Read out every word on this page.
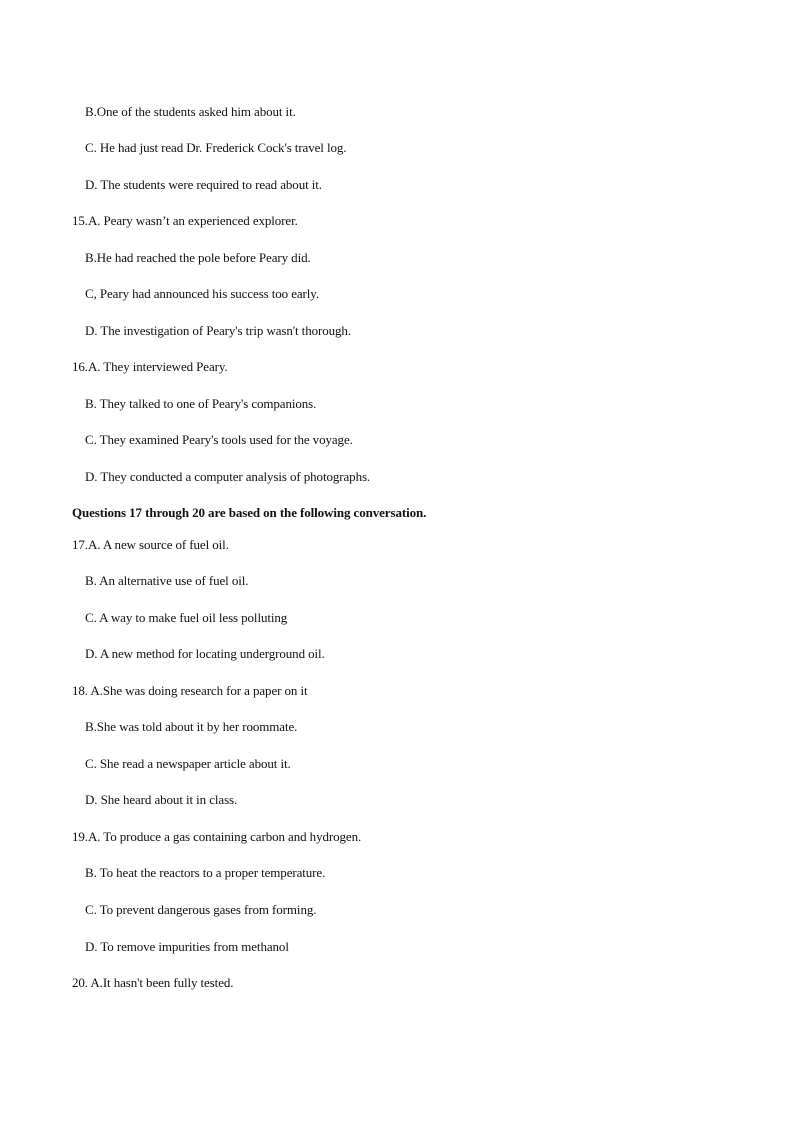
B.One of the students asked him about it.
C. He had just read Dr. Frederick Cock's travel log.
D. The students were required to read about it.
15.A. Peary wasn’t an experienced explorer.
B.He had reached the pole before Peary did.
C, Peary had announced his success too early.
D. The investigation of Peary's trip wasn't thorough.
16.A. They interviewed Peary.
B. They talked to one of Peary's companions.
C. They examined Peary's tools used for the voyage.
D. They conducted a computer analysis of photographs.
Questions 17 through 20 are based on the following conversation.
17.A. A new source of fuel oil.
B. An alternative use of fuel oil.
C. A way to make fuel oil less polluting
D. A new method for locating underground oil.
18. A.She was doing research for a paper on it
B.She was told about it by her roommate.
C. She read a newspaper article about it.
D. She heard about it in class.
19.A. To produce a gas containing carbon and hydrogen.
B. To heat the reactors to a proper temperature.
C. To prevent dangerous gases from forming.
D. To remove impurities from methanol
20. A.It hasn't been fully tested.
